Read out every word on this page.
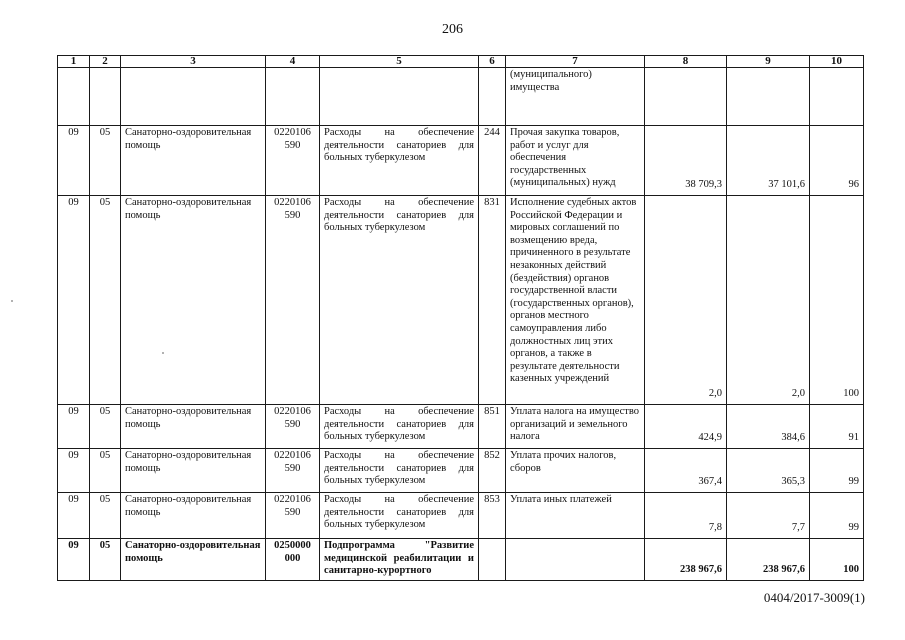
206
1	2	3	4	5	6	7	8	9	10
						(муниципального) имущества			
09	05	Санаторно-оздоровительная помощь	0220106 590	Расходы на обеспечение деятельности санаториев для больных туберкулезом	244	Прочая закупка товаров, работ и услуг для обеспечения государственных (муниципальных) нужд	38 709,3	37 101,6	96
09	05	Санаторно-оздоровительная помощь	0220106 590	Расходы на обеспечение деятельности санаториев для больных туберкулезом	831	Исполнение судебных актов Российской Федерации и мировых соглашений по возмещению вреда, причиненного в результате незаконных действий (бездействия) органов государственной власти (государственных органов), органов местного самоуправления либо должностных лиц этих органов, а также в результате деятельности казенных учреждений	2,0	2,0	100
09	05	Санаторно-оздоровительная помощь	0220106 590	Расходы на обеспечение деятельности санаториев для больных туберкулезом	851	Уплата налога на имущество организаций и земельного налога	424,9	384,6	91
09	05	Санаторно-оздоровительная помощь	0220106 590	Расходы на обеспечение деятельности санаториев для больных туберкулезом	852	Уплата прочих налогов, сборов	367,4	365,3	99
09	05	Санаторно-оздоровительная помощь	0220106 590	Расходы на обеспечение деятельности санаториев для больных туберкулезом	853	Уплата иных платежей	7,8	7,7	99
09	05	Санаторно-оздоровительная помощь	0250000 000	Подпрограмма "Развитие медицинской реабилитации и санитарно-курортного			238 967,6	238 967,6	100
0404/2017-3009(1)
